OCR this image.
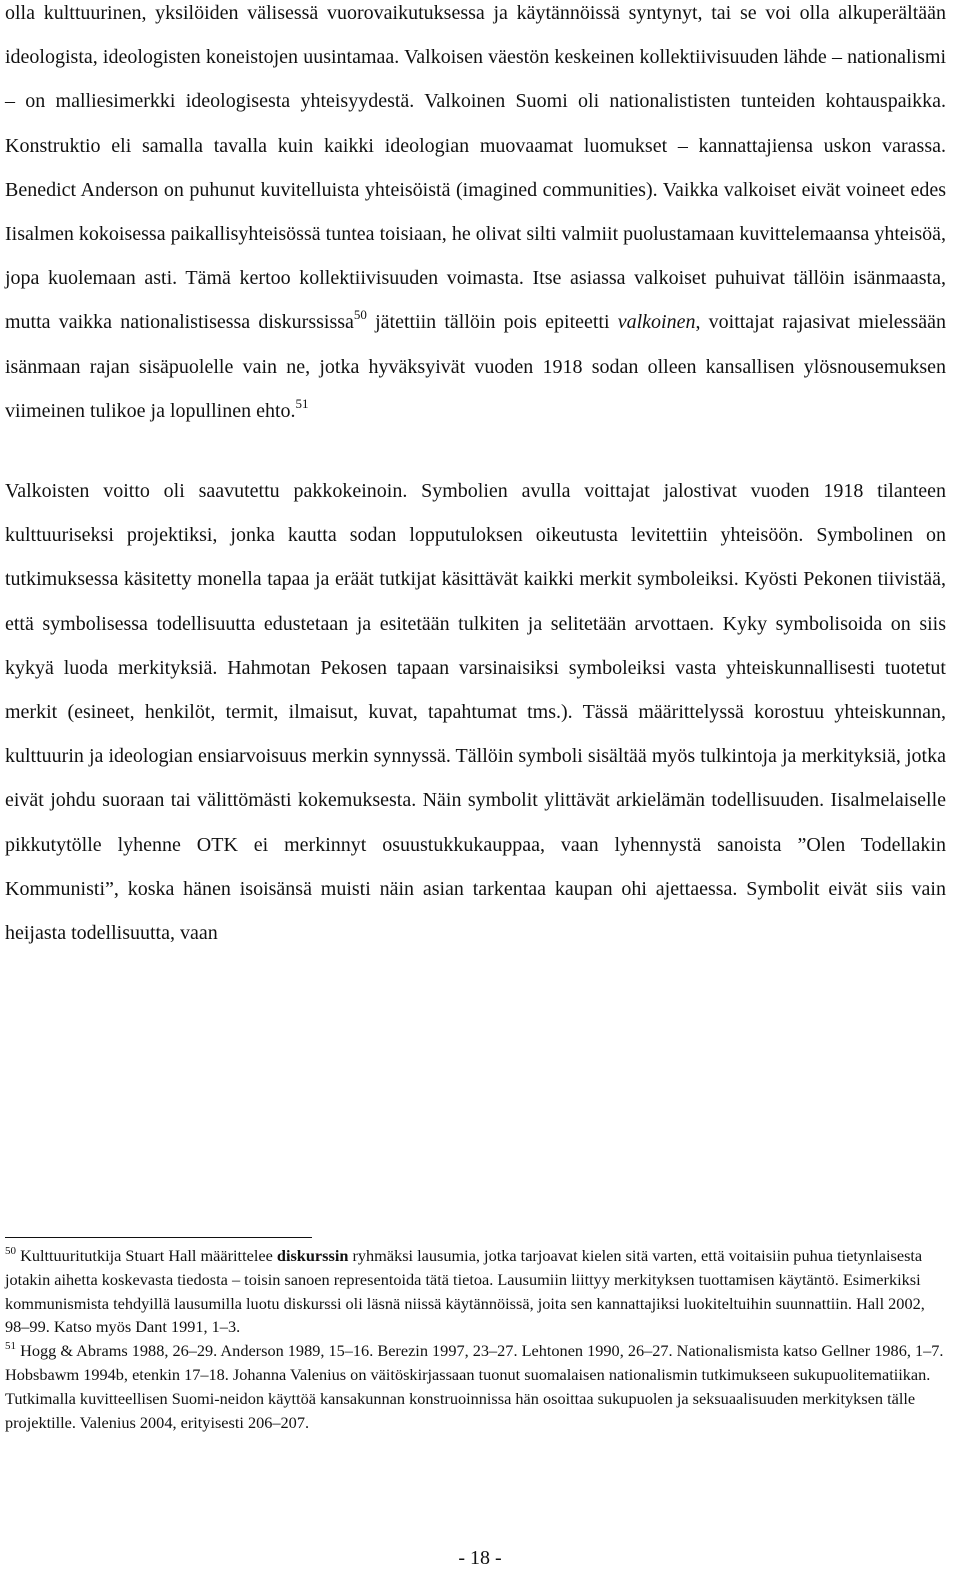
olla kulttuurinen, yksilöiden välisessä vuorovaikutuksessa ja käytännöissä syntynyt, tai se voi olla alkuperältään ideologista, ideologisten koneistojen uusintamaa. Valkoisen väestön keskeinen kollektiivisuuden lähde – nationalismi – on malliesimerkki ideologisesta yhteisyydestä. Valkoinen Suomi oli nationalististen tunteiden kohtauspaikka. Konstruktio eli samalla tavalla kuin kaikki ideologian muovaamat luomukset – kannattajiensa uskon varassa. Benedict Anderson on puhunut kuvitelluista yhteisöistä (imagined communities). Vaikka valkoiset eivät voineet edes Iisalmen kokoisessa paikallisyhteisössä tuntea toisiaan, he olivat silti valmiit puolustamaan kuvittelemaansa yhteisöä, jopa kuolemaan asti. Tämä kertoo kollektiivisuuden voimasta. Itse asiassa valkoiset puhuivat tällöin isänmaasta, mutta vaikka nationalistisessa diskurssissa$^{50}$ jätettiin tällöin pois epiteetti valkoinen, voittajat rajasivat mielessään isänmaan rajan sisäpuolelle vain ne, jotka hyväksyivät vuoden 1918 sodan olleen kansallisen ylösnousemuksen viimeinen tulikoe ja lopullinen ehto.$^{51}$

Valkoisten voitto oli saavutettu pakkokeinoin. Symbolien avulla voittajat jalostivat vuoden 1918 tilanteen kulttuuriseksi projektiksi, jonka kautta sodan lopputuloksen oikeutusta levitettiin yhteisöön. Symbolinen on tutkimuksessa käsitetty monella tapaa ja eräät tutkijat käsittävät kaikki merkit symboleiksi. Kyösti Pekonen tiivistää, että symbolisessa todellisuutta edustetaan ja esitetään tulkiten ja selitetään arvottaen. Kyky symbolisoida on siis kykyä luoda merkityksiä. Hahmotan Pekosen tapaan varsinaisiksi symboleiksi vasta yhteiskunnallisesti tuotetut merkit (esineet, henkilöt, termit, ilmaisut, kuvat, tapahtumat tms.). Tässä määrittelyssä korostuu yhteiskunnan, kulttuurin ja ideologian ensiarvoisuus merkin synnyssä. Tällöin symboli sisältää myös tulkintoja ja merkityksiä, jotka eivät johdu suoraan tai välittömästi kokemuksesta. Näin symbolit ylittävät arkielämän todellisuuden. Iisalmelaiselle pikkutytölle lyhenne OTK ei merkinnyt osuustukkukauppaa, vaan lyhennystä sanoista ”Olen Todellakin Kommunisti”, koska hänen isoisänsä muisti näin asian tarkentaa kaupan ohi ajettaessa. Symbolit eivät siis vain heijasta todellisuutta, vaan

$^{50}$ Kulttuuritutkija Stuart Hall määrittelee diskurssin ryhmäksi lausumia, jotka tarjoavat kielen sitä varten, että voitaisiin puhua tietynlaisesta jotakin aihetta koskevasta tiedosta – toisin sanoen representoida tätä tietoa. Lausumiin liittyy merkityksen tuottamisen käytäntö. Esimerkiksi kommunismista tehdyillä lausumilla luotu diskurssi oli läsnä niissä käytännöissä, joita sen kannattajiksi luokiteltuihin suunnattiin. Hall 2002, 98–99. Katso myös Dant 1991, 1–3.

$^{51}$ Hogg & Abrams 1988, 26–29. Anderson 1989, 15–16. Berezin 1997, 23–27. Lehtonen 1990, 26–27. Nationalismista katso Gellner 1986, 1–7. Hobsbawm 1994b, etenkin 17–18. Johanna Valenius on väitöskirjassaan tuonut suomalaisen nationalismin tutkimukseen sukupuolitematiikan. Tutkimalla kuvitteellisen Suomi-neidon käyttöä kansakunnan konstruoinnissa hän osoittaa sukupuolen ja seksuaalisuuden merkityksen tälle projektille. Valenius 2004, erityisesti 206–207.

- 18 -
